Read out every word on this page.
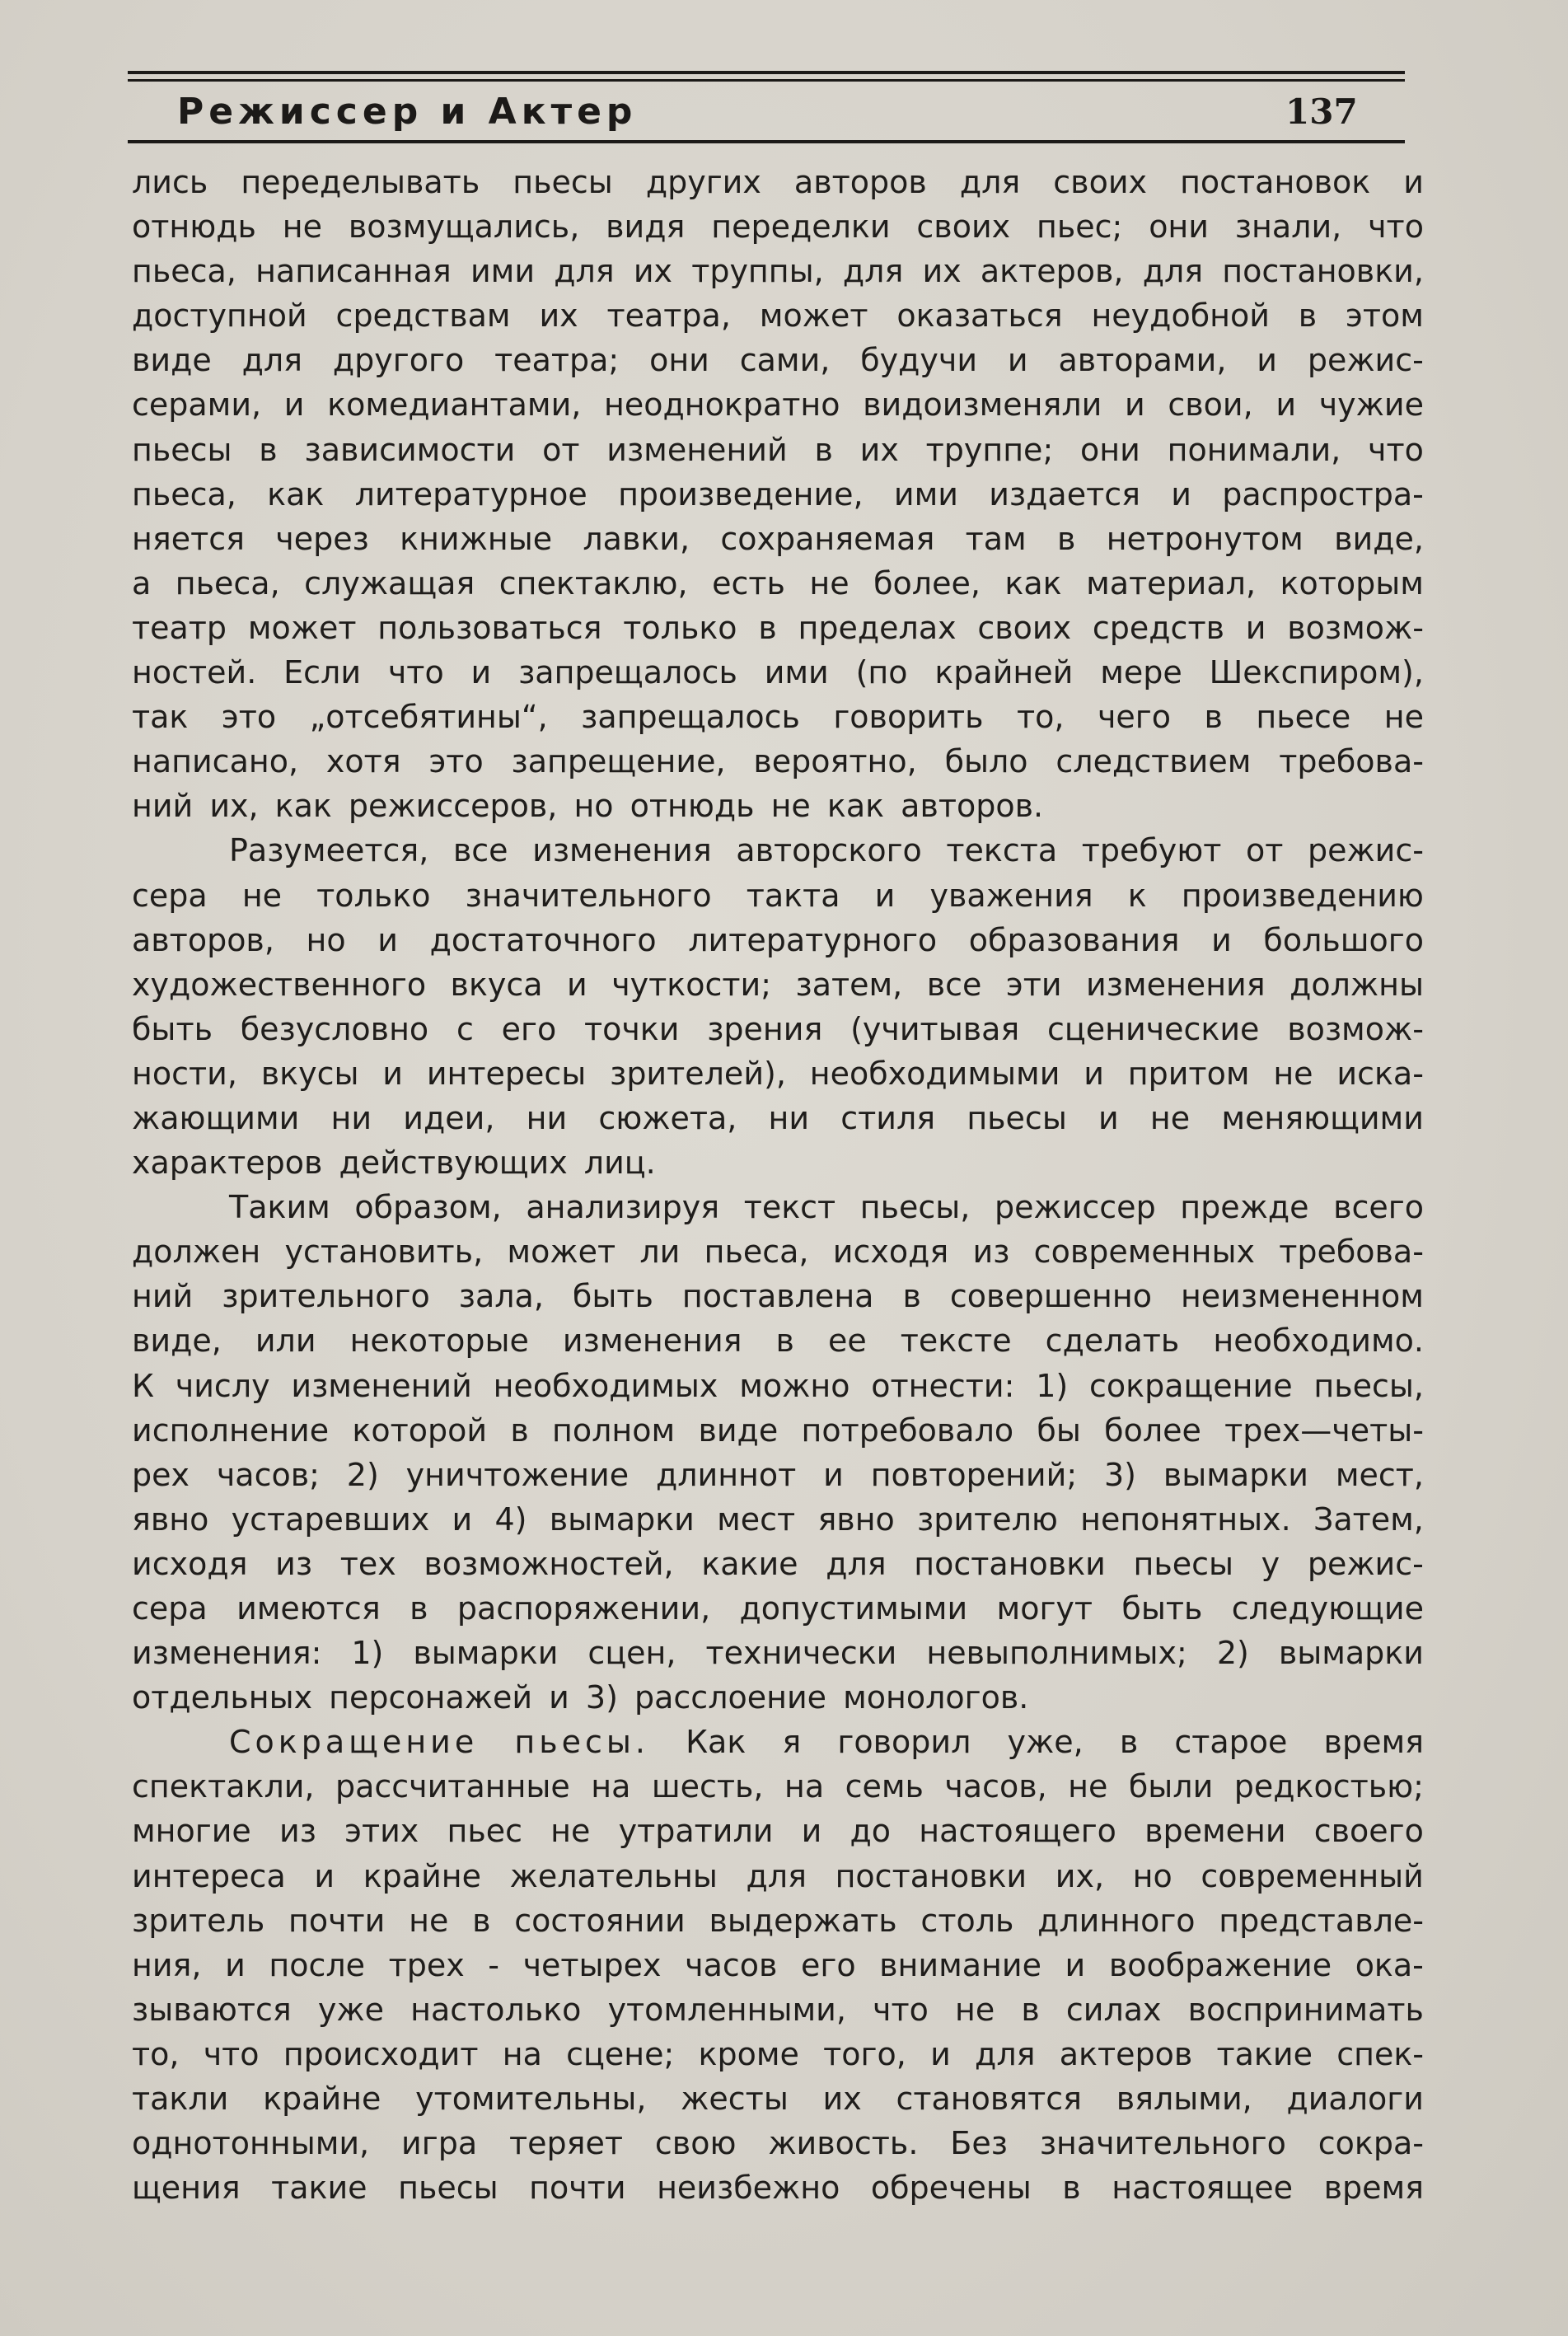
Режиссер и Актер	137
лись переделывать пьесы других авторов для своих постановок и
отнюдь не возмущались, видя переделки своих пьес; они знали, что
пьеса, написанная ими для их труппы, для их актеров, для постановки,
доступной средствам их театра, может оказаться неудобной в этом
виде для другого театра; они сами, будучи и авторами, и режис-
серами, и комедиантами, неоднократно видоизменяли и свои, и чужие
пьесы в зависимости от изменений в их труппе; они понимали, что
пьеса, как литературное произведение, ими издается и распростра-
няется через книжные лавки, сохраняемая там в нетронутом виде,
а пьеса, служащая спектаклю, есть не более, как материал, которым
театр может пользоваться только в пределах своих средств и возмож-
ностей. Если что и запрещалось ими (по крайней мере Шекспиром),
так это „отсебятины“, запрещалось говорить то, чего в пьесе не
написано, хотя это запрещение, вероятно, было следствием требова-
ний их, как режиссеров, но отнюдь не как авторов.
Разумеется, все изменения авторского текста требуют от режис-
сера не только значительного такта и уважения к произведению
авторов, но и достаточного литературного образования и большого
художественного вкуса и чуткости; затем, все эти изменения должны
быть безусловно с его точки зрения (учитывая сценические возмож-
ности, вкусы и интересы зрителей), необходимыми и притом не иска-
жающими ни идеи, ни сюжета, ни стиля пьесы и не меняющими
характеров действующих лиц.
Таким образом, анализируя текст пьесы, режиссер прежде всего
должен установить, может ли пьеса, исходя из современных требова-
ний зрительного зала, быть поставлена в совершенно неизмененном
виде, или некоторые изменения в ее тексте сделать необходимо.
К числу изменений необходимых можно отнести: 1) сокращение пьесы,
исполнение которой в полном виде потребовало бы более трех—четы-
рех часов; 2) уничтожение длиннот и повторений; 3) вымарки мест,
явно устаревших и 4) вымарки мест явно зрителю непонятных. Затем,
исходя из тех возможностей, какие для постановки пьесы у режис-
сера имеются в распоряжении, допустимыми могут быть следующие
изменения: 1) вымарки сцен, технически невыполнимых; 2) вымарки
отдельных персонажей и 3) расслоение монологов.
Сокращение пьесы. Как я говорил уже, в старое время
спектакли, рассчитанные на шесть, на семь часов, не были редкостью;
многие из этих пьес не утратили и до настоящего времени своего
интереса и крайне желательны для постановки их, но современный
зритель почти не в состоянии выдержать столь длинного представле-
ния, и после трех - четырех часов его внимание и воображение ока-
зываются уже настолько утомленными, что не в силах воспринимать
то, что происходит на сцене; кроме того, и для актеров такие спек-
такли крайне утомительны, жесты их становятся вялыми, диалоги
однотонными, игра теряет свою живость. Без значительного сокра-
щения такие пьесы почти неизбежно обречены в настоящее время
